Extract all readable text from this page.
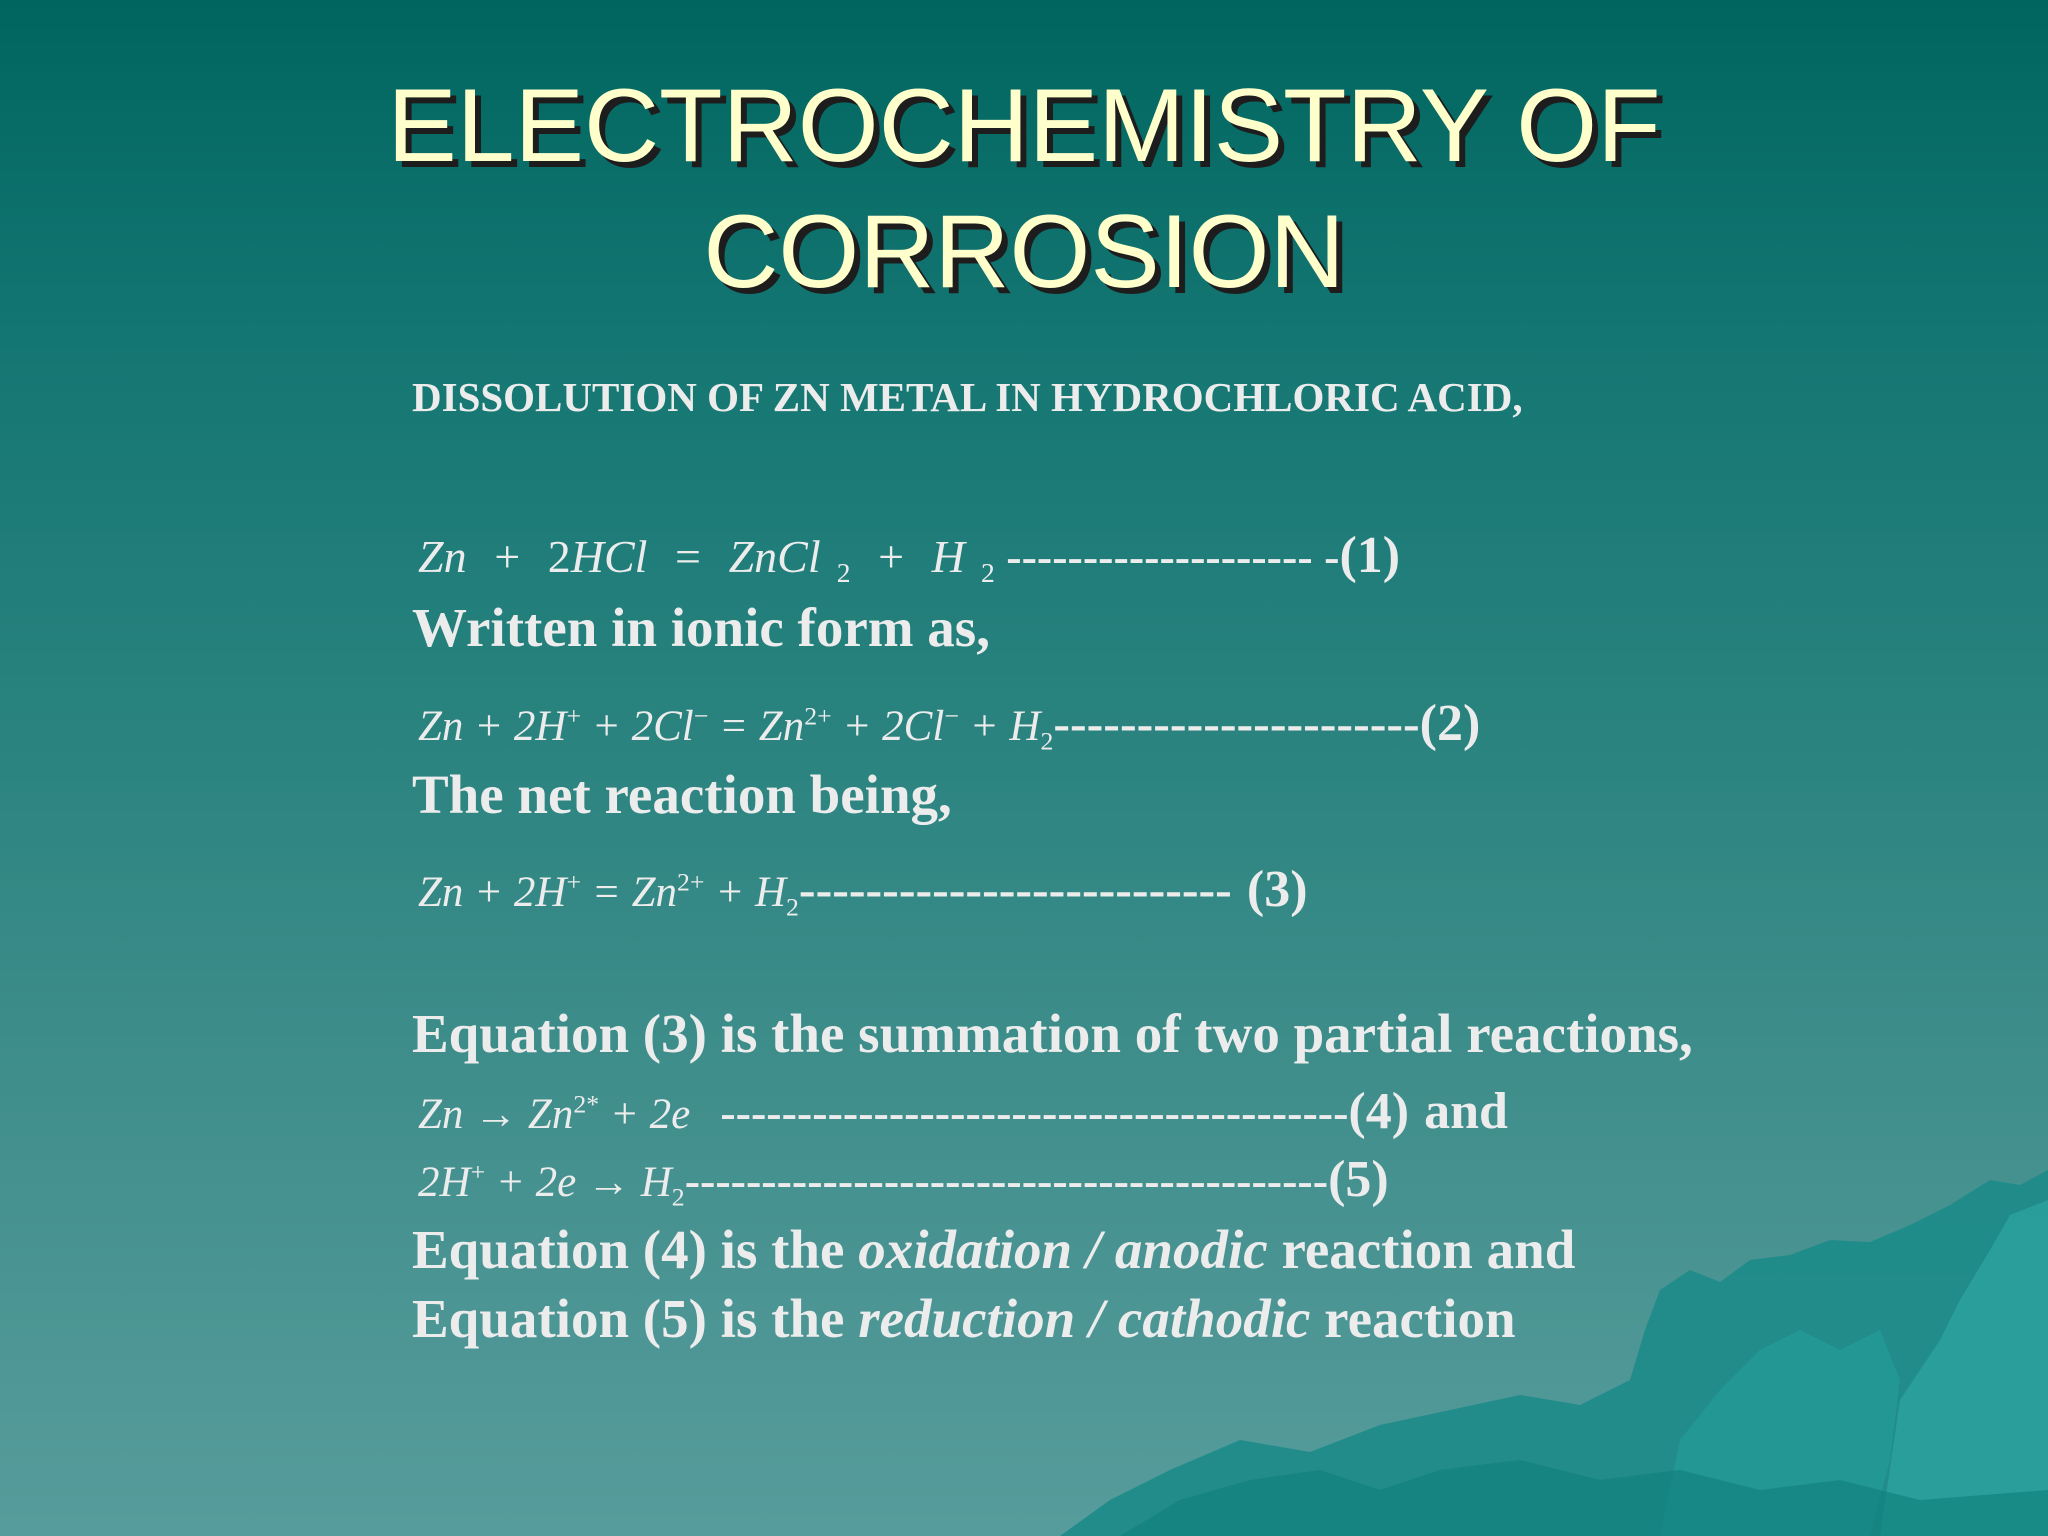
ELECTROCHEMISTRY OF
CORROSION

DISSOLUTION OF ZN METAL IN HYDROCHLORIC ACID,

Zn + 2HCl = ZnCl $_2$ + H $_2$ -------------------- -(1)

Written in ionic form as,

$Zn + 2H^+ + 2Cl^- = Zn^{2+} + 2Cl^- + H_2----------------------(2)$

The net reaction being,

$Zn + 2H^+ = Zn^{2+} + H_2--------------------------$ (3)

Equation (3) is the summation of two partial reactions,

$Zn \to Zn^{2*} + 2e$ -----------------------------------------(4) and

$2H^+ + 2e \to H_2------------------------------------------(5)$

Equation (4) is the oxidation / anodic reaction and

Equation (5) is the reduction / cathodic reaction
